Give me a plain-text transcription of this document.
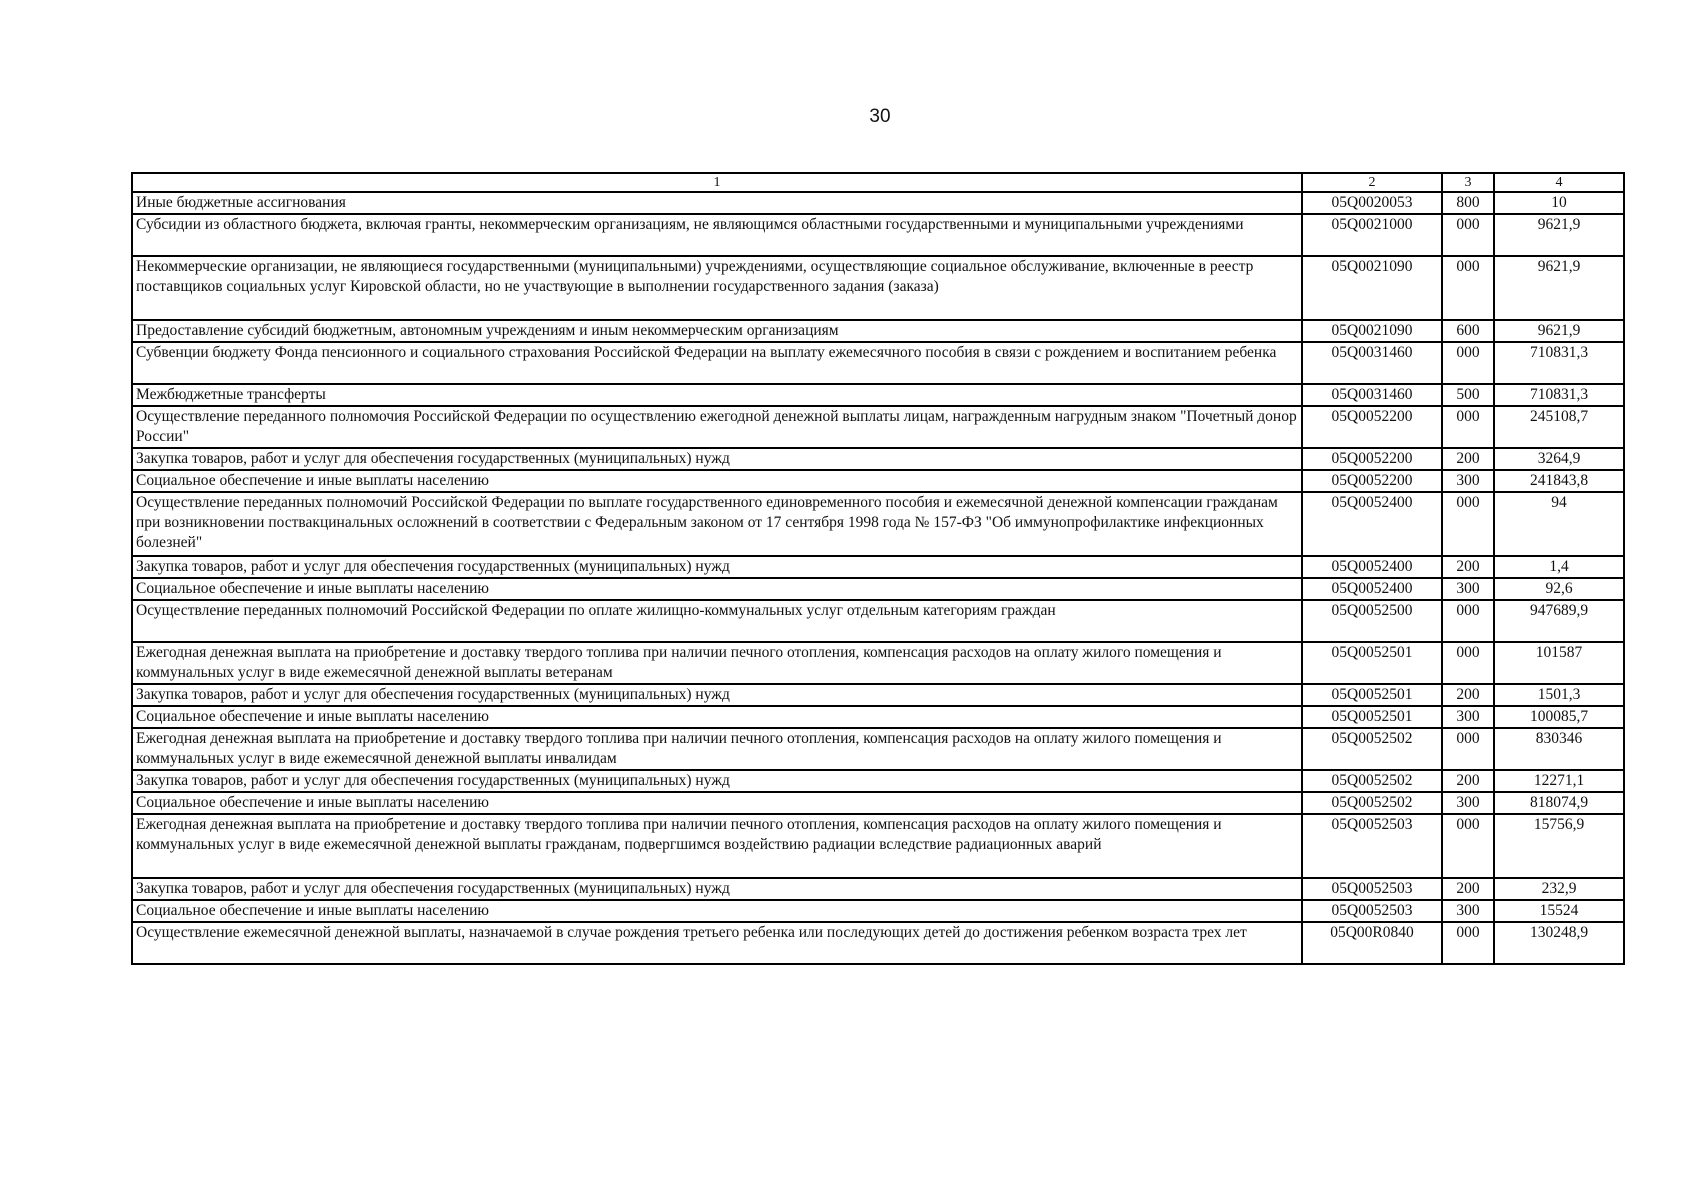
30
1	2	3	4
Иные бюджетные ассигнования	05Q0020053	800	10
Субсидии из областного бюджета, включая гранты, некоммерческим организациям, не являющимся областными государственными и муниципальными учреждениями	05Q0021000	000	9621,9
Некоммерческие организации, не являющиеся государственными (муниципальными) учреждениями, осуществляющие социальное обслуживание, включенные в реестр поставщиков социальных услуг Кировской области, но не участвующие в выполнении государственного задания (заказа)	05Q0021090	000	9621,9
Предоставление субсидий бюджетным, автономным учреждениям и иным некоммерческим организациям	05Q0021090	600	9621,9
Субвенции бюджету Фонда пенсионного и социального страхования Российской Федерации на выплату ежемесячного пособия в связи с рождением и воспитанием ребенка	05Q0031460	000	710831,3
Межбюджетные трансферты	05Q0031460	500	710831,3
Осуществление переданного полномочия Российской Федерации по осуществлению ежегодной денежной выплаты лицам, награжденным нагрудным знаком "Почетный донор России"	05Q0052200	000	245108,7
Закупка товаров, работ и услуг для обеспечения государственных (муниципальных) нужд	05Q0052200	200	3264,9
Социальное обеспечение и иные выплаты населению	05Q0052200	300	241843,8
Осуществление переданных полномочий Российской Федерации по выплате государственного единовременного пособия и ежемесячной денежной компенсации гражданам при возникновении поствакцинальных осложнений в соответствии с Федеральным законом от 17 сентября 1998 года № 157-ФЗ "Об иммунопрофилактике инфекционных болезней"	05Q0052400	000	94
Закупка товаров, работ и услуг для обеспечения государственных (муниципальных) нужд	05Q0052400	200	1,4
Социальное обеспечение и иные выплаты населению	05Q0052400	300	92,6
Осуществление переданных полномочий Российской Федерации по оплате жилищно-коммунальных услуг отдельным категориям граждан	05Q0052500	000	947689,9
Ежегодная денежная выплата на приобретение и доставку твердого топлива при наличии печного отопления, компенсация расходов на оплату жилого помещения и коммунальных услуг в виде ежемесячной денежной выплаты ветеранам	05Q0052501	000	101587
Закупка товаров, работ и услуг для обеспечения государственных (муниципальных) нужд	05Q0052501	200	1501,3
Социальное обеспечение и иные выплаты населению	05Q0052501	300	100085,7
Ежегодная денежная выплата на приобретение и доставку твердого топлива при наличии печного отопления, компенсация расходов на оплату жилого помещения и коммунальных услуг в виде ежемесячной денежной выплаты инвалидам	05Q0052502	000	830346
Закупка товаров, работ и услуг для обеспечения государственных (муниципальных) нужд	05Q0052502	200	12271,1
Социальное обеспечение и иные выплаты населению	05Q0052502	300	818074,9
Ежегодная денежная выплата на приобретение и доставку твердого топлива при наличии печного отопления, компенсация расходов на оплату жилого помещения и коммунальных услуг в виде ежемесячной денежной выплаты гражданам, подвергшимся воздействию радиации вследствие радиационных аварий	05Q0052503	000	15756,9
Закупка товаров, работ и услуг для обеспечения государственных (муниципальных) нужд	05Q0052503	200	232,9
Социальное обеспечение и иные выплаты населению	05Q0052503	300	15524
Осуществление ежемесячной денежной выплаты, назначаемой в случае рождения третьего ребенка или последующих детей до достижения ребенком возраста трех лет	05Q00R0840	000	130248,9
